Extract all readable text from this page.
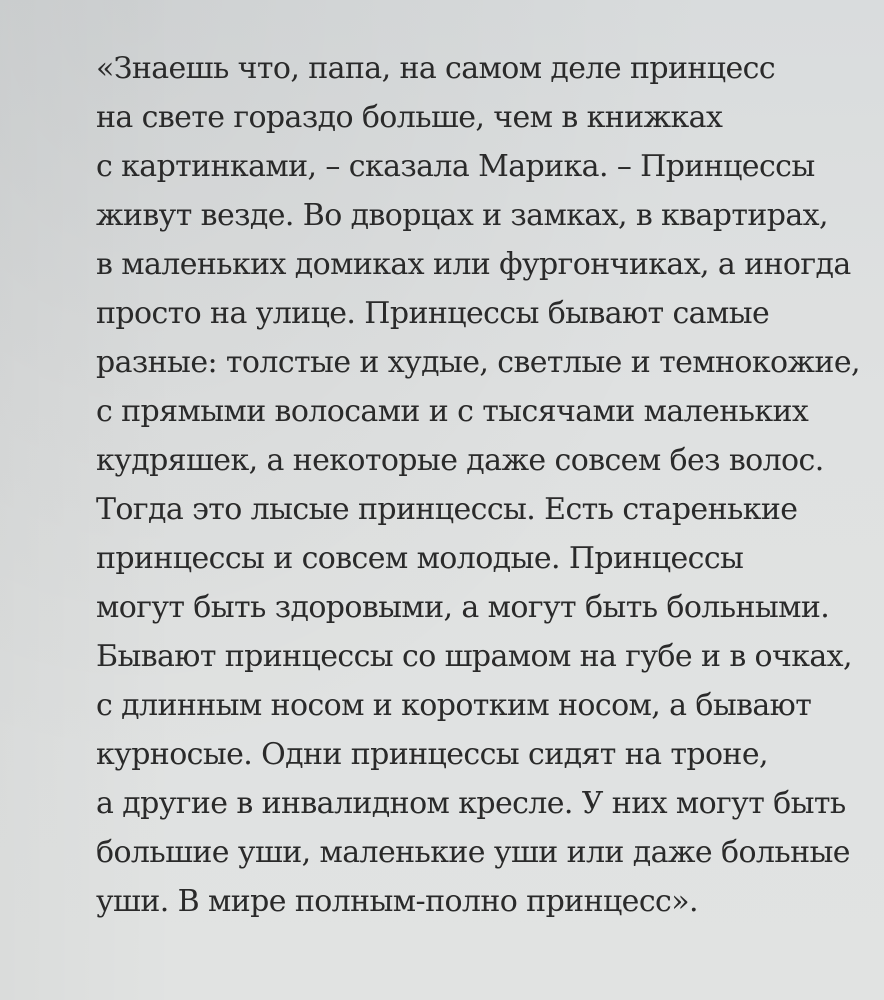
«Знаешь что, папа, на самом деле принцесс
на свете гораздо больше, чем в книжках
с картинками, – сказала Марика. – Принцессы
живут везде. Во дворцах и замках, в квартирах,
в маленьких домиках или фургончиках, а иногда
просто на улице. Принцессы бывают самые
разные: толстые и худые, светлые и темнокожие,
с прямыми волосами и с тысячами маленьких
кудряшек, а некоторые даже совсем без волос.
Тогда это лысые принцессы. Есть старенькие
принцессы и совсем молодые. Принцессы
могут быть здоровыми, а могут быть больными.
Бывают принцессы со шрамом на губе и в очках,
с длинным носом и коротким носом, а бывают
курносые. Одни принцессы сидят на троне,
а другие в инвалидном кресле. У них могут быть
большие уши, маленькие уши или даже больные
уши. В мире полным-полно принцесс».
